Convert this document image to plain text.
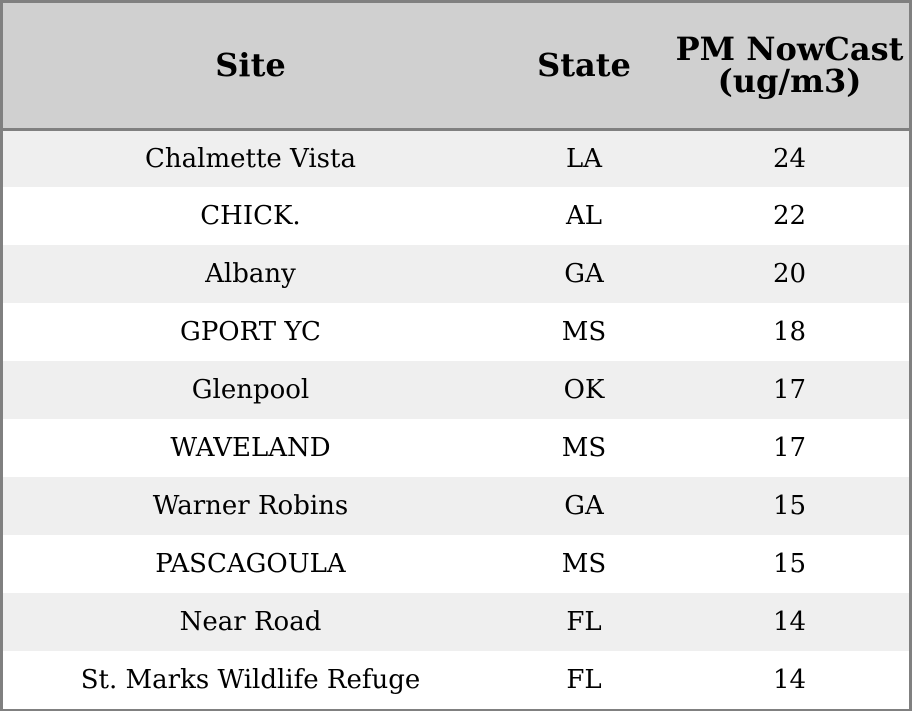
Site	State	PM NowCast (ug/m3)
Chalmette Vista	LA	24
CHICK.	AL	22
Albany	GA	20
GPORT YC	MS	18
Glenpool	OK	17
WAVELAND	MS	17
Warner Robins	GA	15
PASCAGOULA	MS	15
Near Road	FL	14
St. Marks Wildlife Refuge	FL	14
